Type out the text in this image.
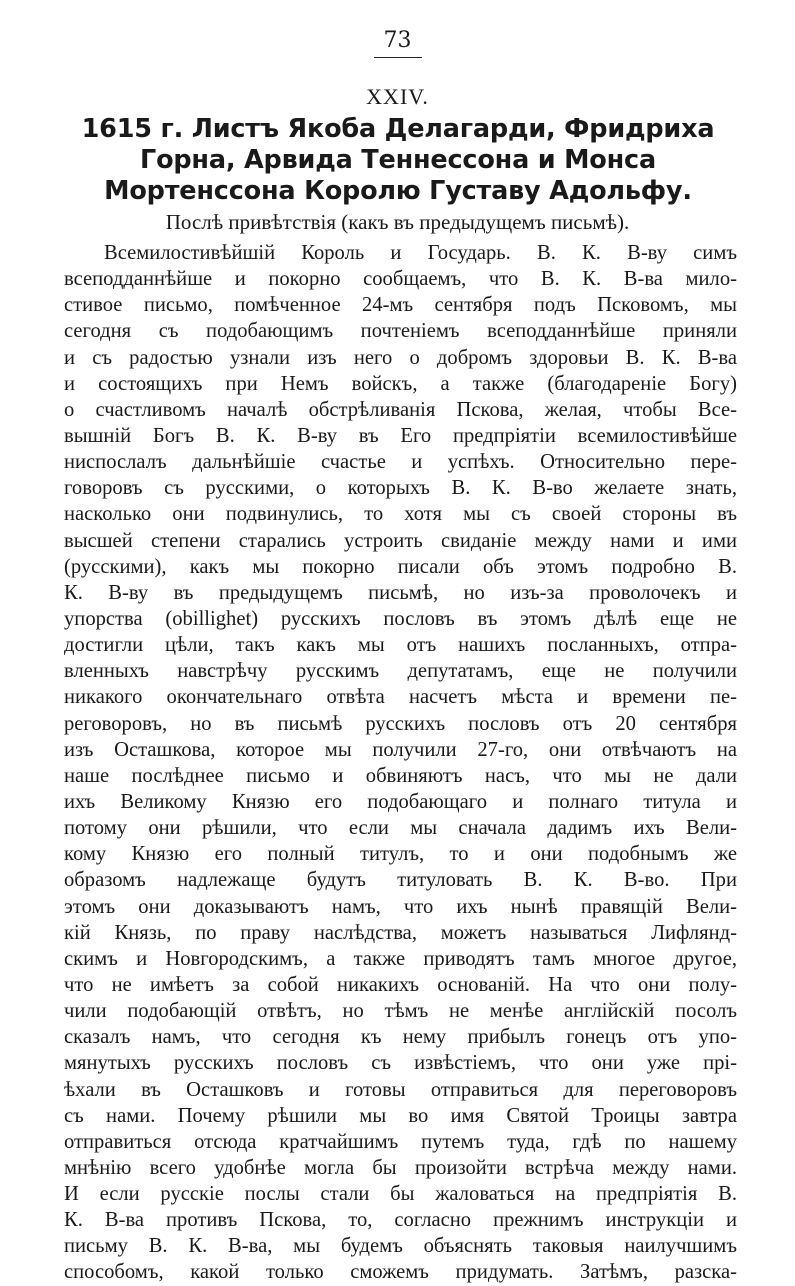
73
XXIV.
1615 г. Листъ Якоба Делагарди, Фридриха Горна, Арвида Теннессона и Монса Мортенссона Королю Густаву Адольфу.
Послѣ привѣтствія (какъ въ предыдущемъ письмѣ).
Всемилостивѣйшій Король и Государь. В. К. В-ву симъ
всеподданнѣйше и покорно сообщаемъ, что В. К. В-ва мило-
стивое письмо, помѣченное 24-мъ сентября подъ Псковомъ, мы
сегодня съ подобающимъ почтеніемъ всеподданнѣйше приняли
и съ радостью узнали изъ него о добромъ здоровьи В. К. В-ва
и состоящихъ при Немъ войскъ, а также (благодареніе Богу)
о счастливомъ началѣ обстрѣливанія Пскова, желая, чтобы Все-
вышній Богъ В. К. В-ву въ Его предпріятіи всемилостивѣйше
ниспослалъ дальнѣйшіе счастье и успѣхъ. Относительно пере-
говоровъ съ русскими, о которыхъ В. К. В-во желаете знать,
насколько они подвинулись, то хотя мы съ своей стороны въ
высшей степени старались устроить свиданіе между нами и ими
(русскими), какъ мы покорно писали объ этомъ подробно В.
К. В-ву въ предыдущемъ письмѣ, но изъ-за проволочекъ и
упорства (obillighet) русскихъ пословъ въ этомъ дѣлѣ еще не
достигли цѣли, такъ какъ мы отъ нашихъ посланныхъ, отпра-
вленныхъ навстрѣчу русскимъ депутатамъ, еще не получили
никакого окончательнаго отвѣта насчетъ мѣста и времени пе-
реговоровъ, но въ письмѣ русскихъ пословъ отъ 20 сентября
изъ Осташкова, которое мы получили 27-го, они отвѣчаютъ на
наше послѣднее письмо и обвиняютъ насъ, что мы не дали
ихъ Великому Князю его подобающаго и полнаго титула и
потому они рѣшили, что если мы сначала дадимъ ихъ Вели-
кому Князю его полный титулъ, то и они подобнымъ же
образомъ надлежаще будутъ титуловать В. К. В-во. При
этомъ они доказываютъ намъ, что ихъ нынѣ правящій Вели-
кій Князь, по праву наслѣдства, можетъ называться Лифлянд-
скимъ и Новгородскимъ, а также приводятъ тамъ многое другое,
что не имѣетъ за собой никакихъ основаній. На что они полу-
чили подобающій отвѣтъ, но тѣмъ не менѣе англійскій посолъ
сказалъ намъ, что сегодня къ нему прибылъ гонецъ отъ упо-
мянутыхъ русскихъ пословъ съ извѣстіемъ, что они уже прі-
ѣхали въ Осташковъ и готовы отправиться для переговоровъ
съ нами. Почему рѣшили мы во имя Святой Троицы завтра
отправиться отсюда кратчайшимъ путемъ туда, гдѣ по нашему
мнѣнію всего удобнѣе могла бы произойти встрѣча между нами.
И если русскіе послы стали бы жаловаться на предпріятія В.
К. В-ва противъ Пскова, то, согласно прежнимъ инструкціи и
письму В. К. В-ва, мы будемъ объяснять таковыя наилучшимъ
способомъ, какой только сможемъ придумать. Затѣмъ, разска-
